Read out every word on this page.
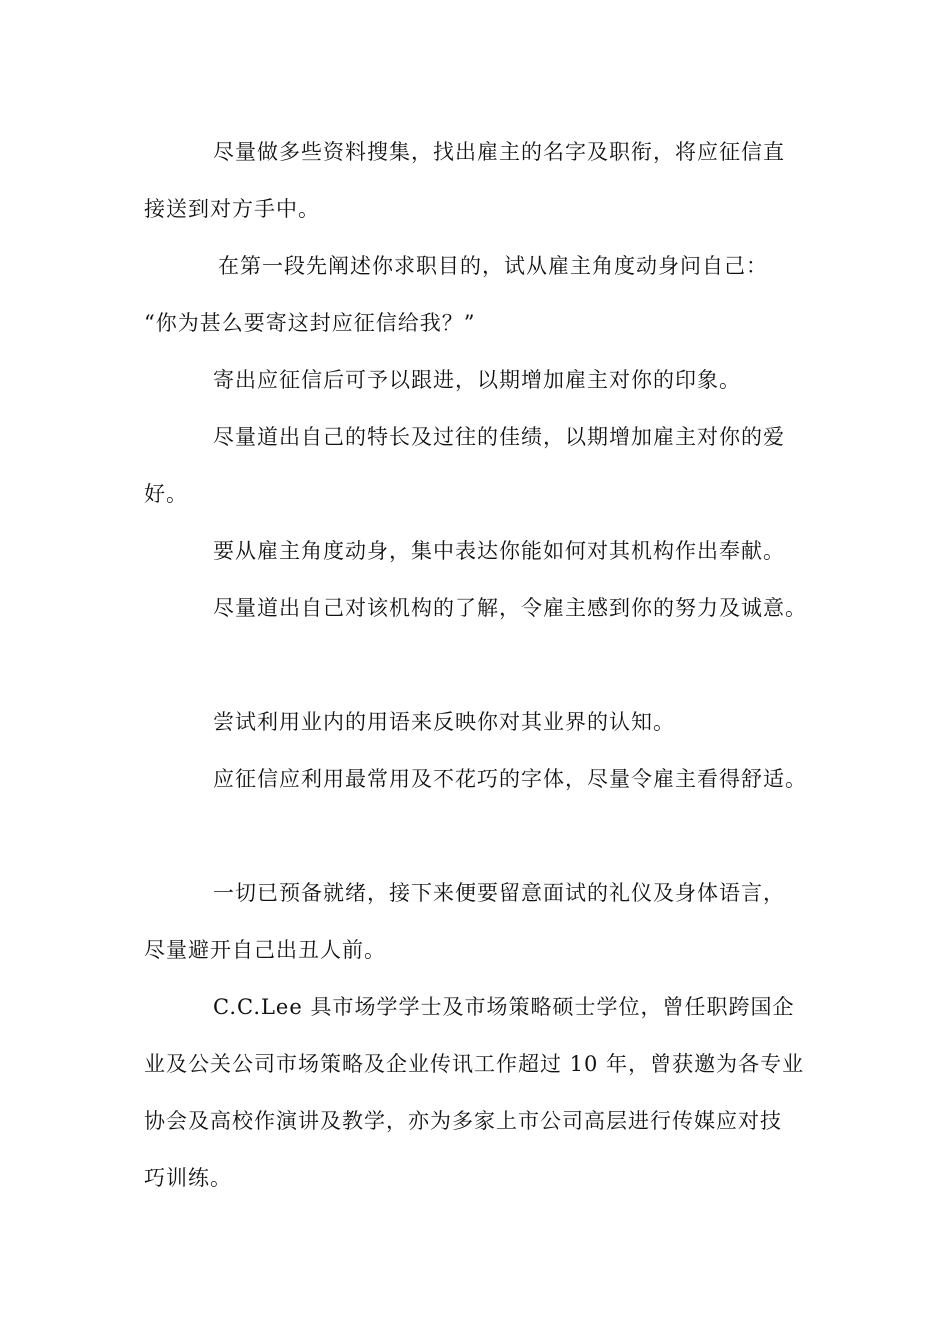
尽量做多些资料搜集，找出雇主的名字及职衔，将应征信直
接送到对方手中。
在第一段先阐述你求职目的，试从雇主角度动身问自己：
“你为甚么要寄这封应征信给我？”
寄出应征信后可予以跟进，以期增加雇主对你的印象。
尽量道出自己的特长及过往的佳绩，以期增加雇主对你的爱
好。
要从雇主角度动身，集中表达你能如何对其机构作出奉献。
尽量道出自己对该机构的了解，令雇主感到你的努力及诚意。
尝试利用业内的用语来反映你对其业界的认知。
应征信应利用最常用及不花巧的字体，尽量令雇主看得舒适。
一切已预备就绪，接下来便要留意面试的礼仪及身体语言，
尽量避开自己出丑人前。
C.C.Lee 具市场学学士及市场策略硕士学位，曾任职跨国企
业及公关公司市场策略及企业传讯工作超过 10 年，曾获邀为各专业
协会及高校作演讲及教学，亦为多家上市公司高层进行传媒应对技
巧训练。
